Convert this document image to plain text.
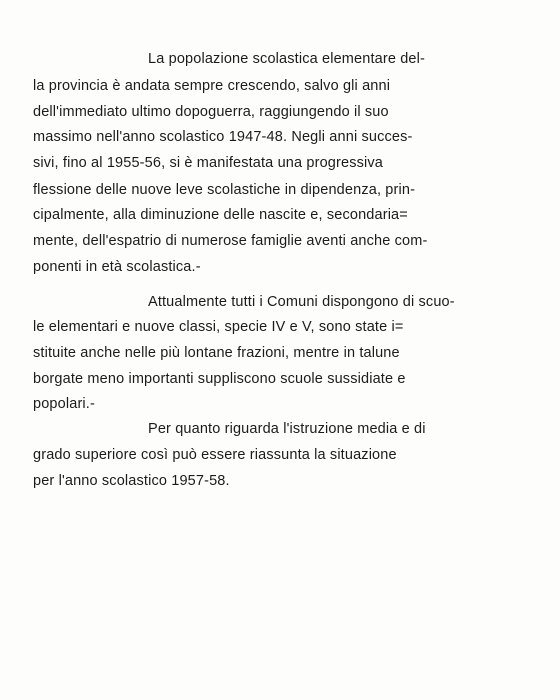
La popolazione scolastica elementare del-
la provincia è andata sempre crescendo, salvo gli anni
dell'immediato ultimo dopoguerra, raggiungendo il suo
massimo nell'anno scolastico 1947-48. Negli anni succes-
sivi, fino al 1955-56, si è manifestata una progressiva
flessione delle nuove leve scolastiche in dipendenza, prin-
cipalmente, alla diminuzione delle nascite e, secondaria=
mente, dell'espatrio di numerose famiglie aventi anche com-
ponenti in età scolastica.-
Attualmente tutti i Comuni dispongono di scuo-
le elementari e nuove classi, specie IV e V, sono state i=
stituite anche nelle più lontane frazioni, mentre in talune
borgate meno importanti suppliscono scuole sussidiate e
popolari.-
Per quanto riguarda l'istruzione media e di
grado superiore così può essere riassunta la situazione
per l'anno scolastico 1957-58.
